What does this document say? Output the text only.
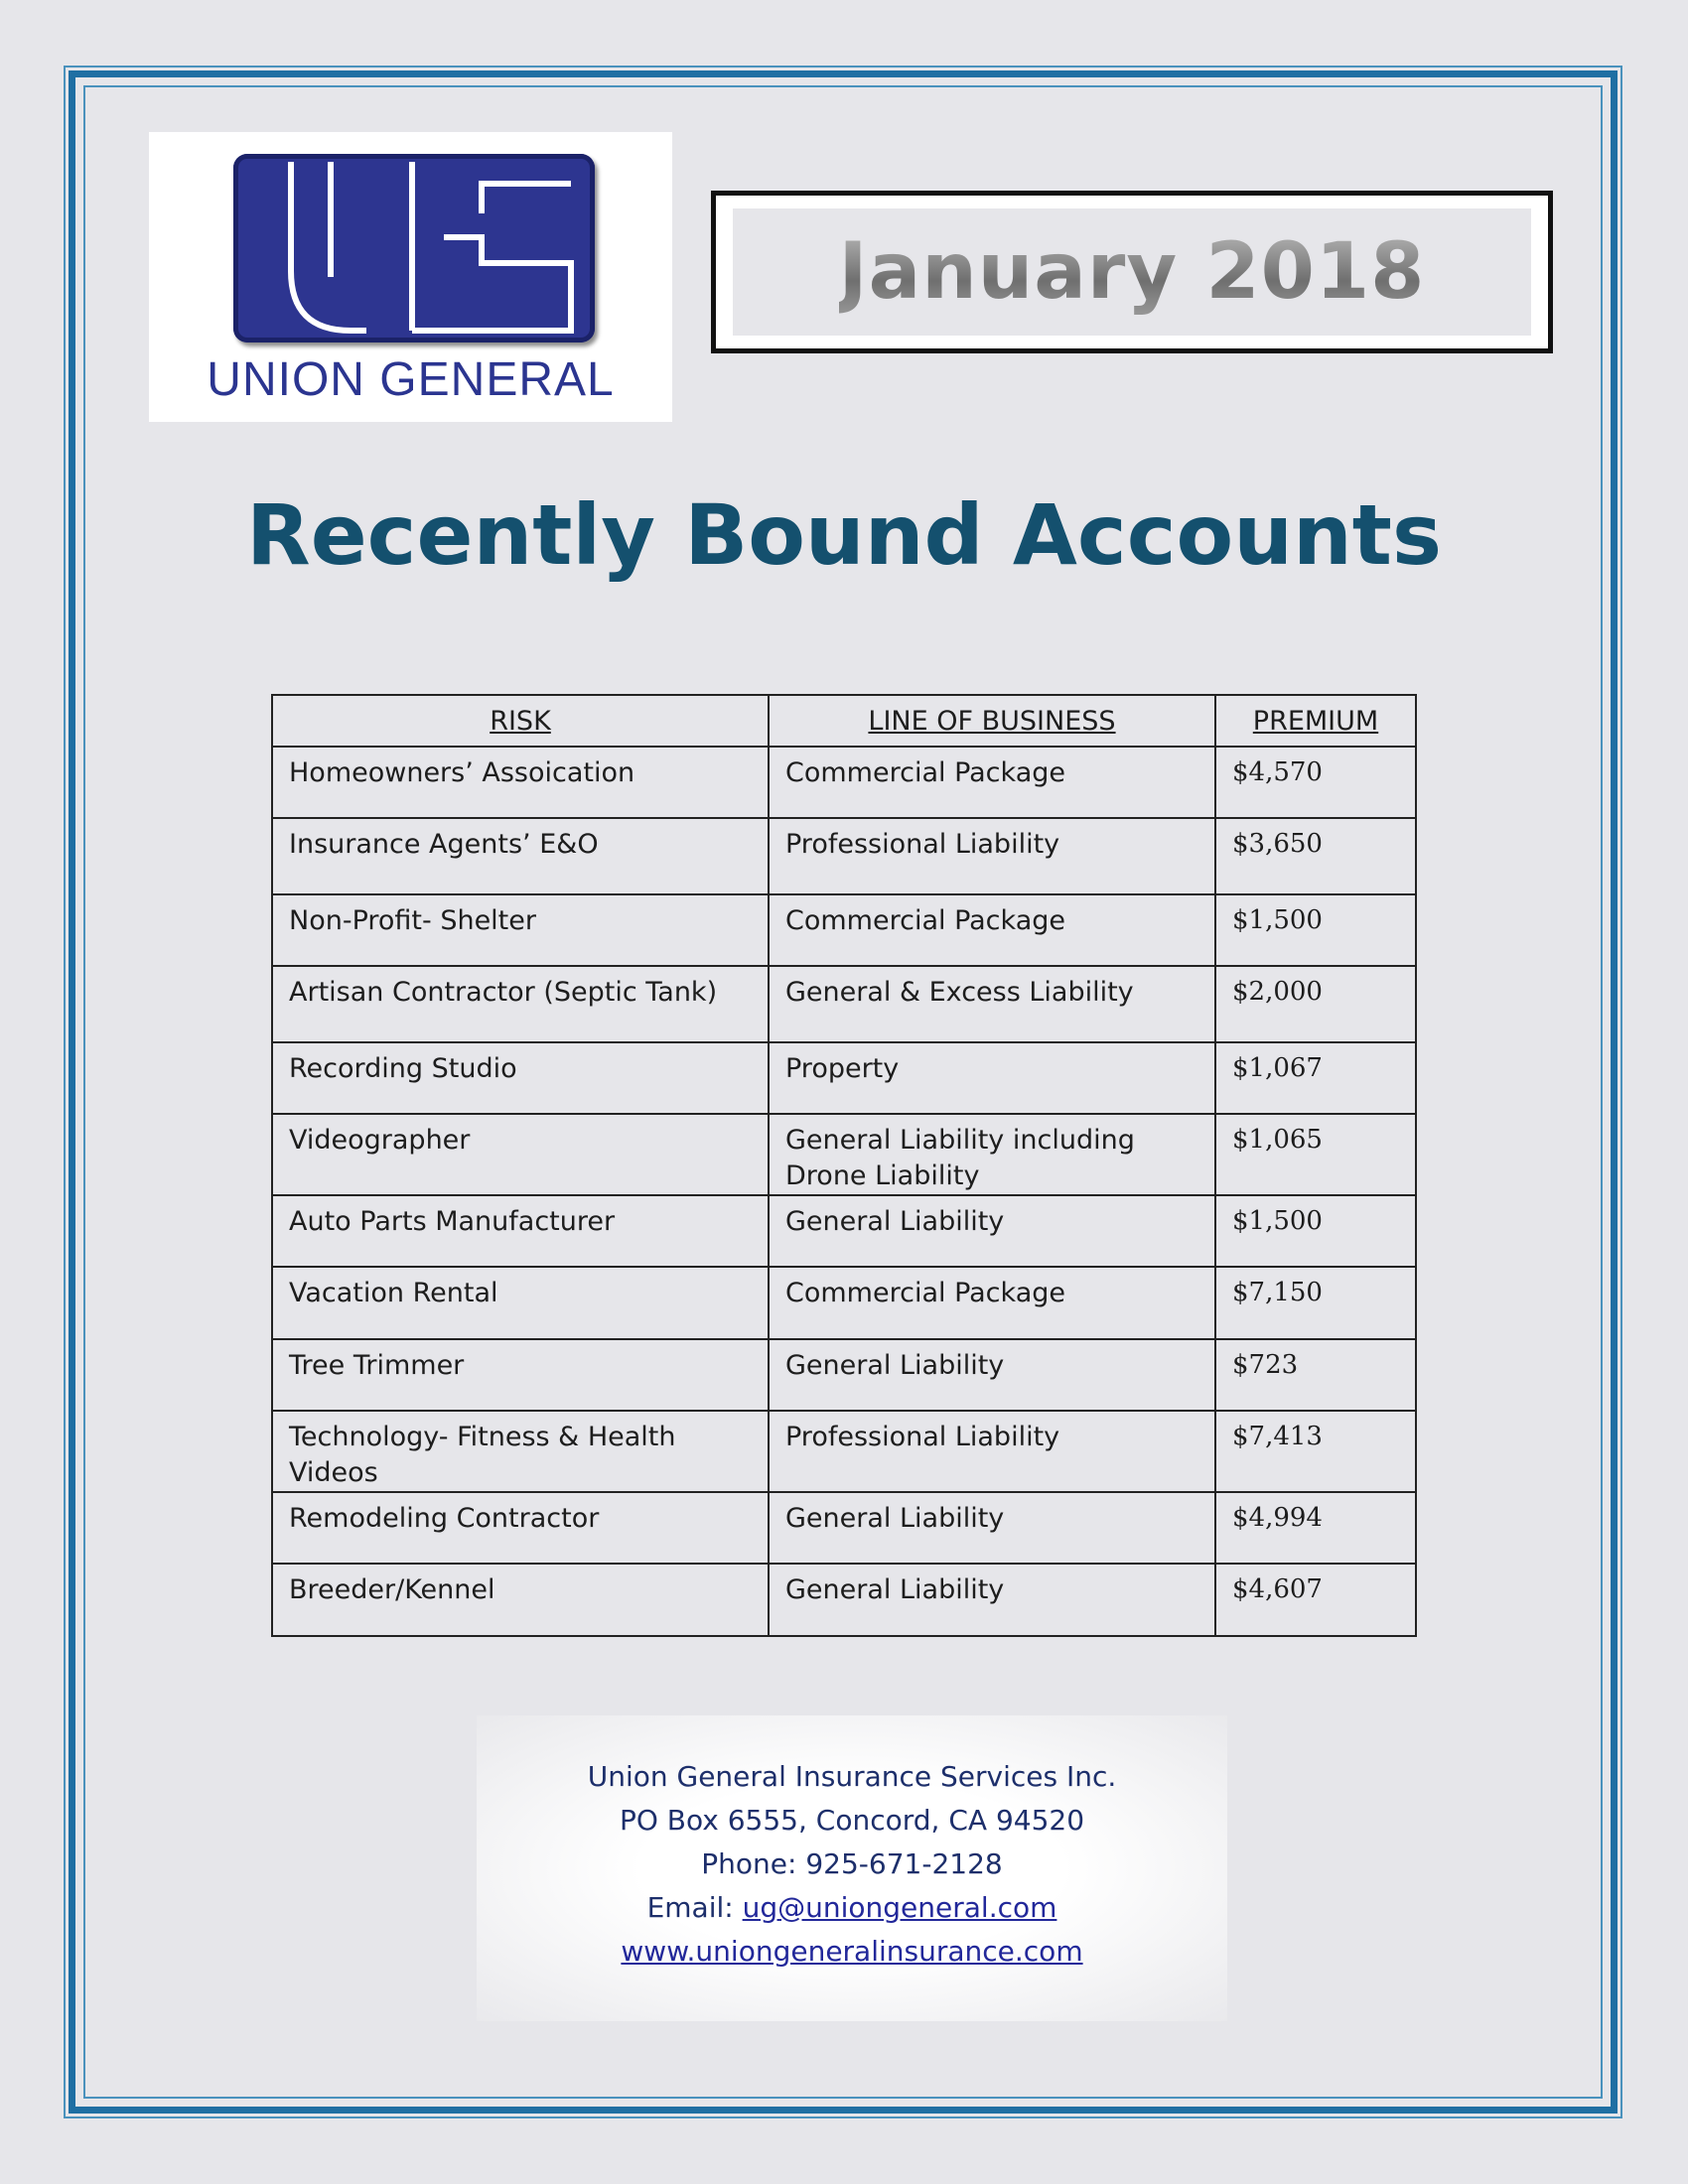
UNION GENERAL
January 2018
Recently Bound Accounts
RISK	LINE OF BUSINESS	PREMIUM
Homeowners’ Assoication	Commercial Package	$4,570
Insurance Agents’ E&O	Professional Liability	$3,650
Non-Profit- Shelter	Commercial Package	$1,500
Artisan Contractor (Septic Tank)	General & Excess Liability	$2,000
Recording Studio	Property	$1,067
Videographer	General Liability including Drone Liability	$1,065
Auto Parts Manufacturer	General Liability	$1,500
Vacation Rental	Commercial Package	$7,150
Tree Trimmer	General Liability	$723
Technology- Fitness & Health Videos	Professional Liability	$7,413
Remodeling Contractor	General Liability	$4,994
Breeder/Kennel	General Liability	$4,607
Union General Insurance Services Inc.
PO Box 6555, Concord, CA 94520
Phone: 925-671-2128
Email: ug@uniongeneral.com
www.uniongeneralinsurance.com
